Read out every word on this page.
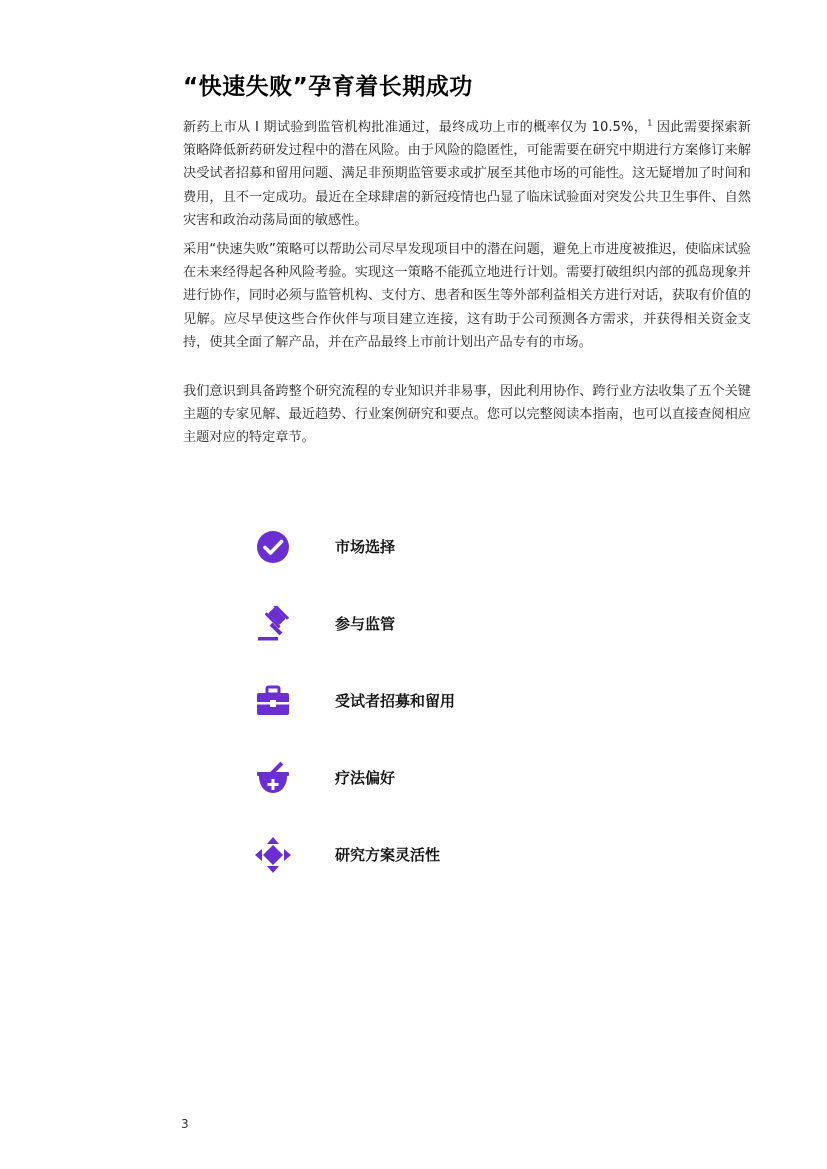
“快速失败”孕育着长期成功

新药上市从 I 期试验到监管机构批准通过，最终成功上市的概率仅为 10.5%，$^1$ 因此需要探索新策略降低新药研发过程中的潜在风险。由于风险的隐匿性，可能需要在研究中期进行方案修订来解决受试者招募和留用问题、满足非预期监管要求或扩展至其他市场的可能性。这无疑增加了时间和费用，且不一定成功。最近在全球肆虐的新冠疫情也凸显了临床试验面对突发公共卫生事件、自然灾害和政治动荡局面的敏感性。

采用“快速失败”策略可以帮助公司尽早发现项目中的潜在问题，避免上市进度被推迟，使临床试验在未来经得起各种风险考验。实现这一策略不能孤立地进行计划。需要打破组织内部的孤岛现象并进行协作，同时必须与监管机构、支付方、患者和医生等外部利益相关方进行对话，获取有价值的见解。应尽早使这些合作伙伴与项目建立连接，这有助于公司预测各方需求，并获得相关资金支持，使其全面了解产品，并在产品最终上市前计划出产品专有的市场。

我们意识到具备跨整个研究流程的专业知识并非易事，因此利用协作、跨行业方法收集了五个关键主题的专家见解、最近趋势、行业案例研究和要点。您可以完整阅读本指南，也可以直接查阅相应主题对应的特定章节。

市场选择
参与监管
受试者招募和留用
疗法偏好
研究方案灵活性
3
